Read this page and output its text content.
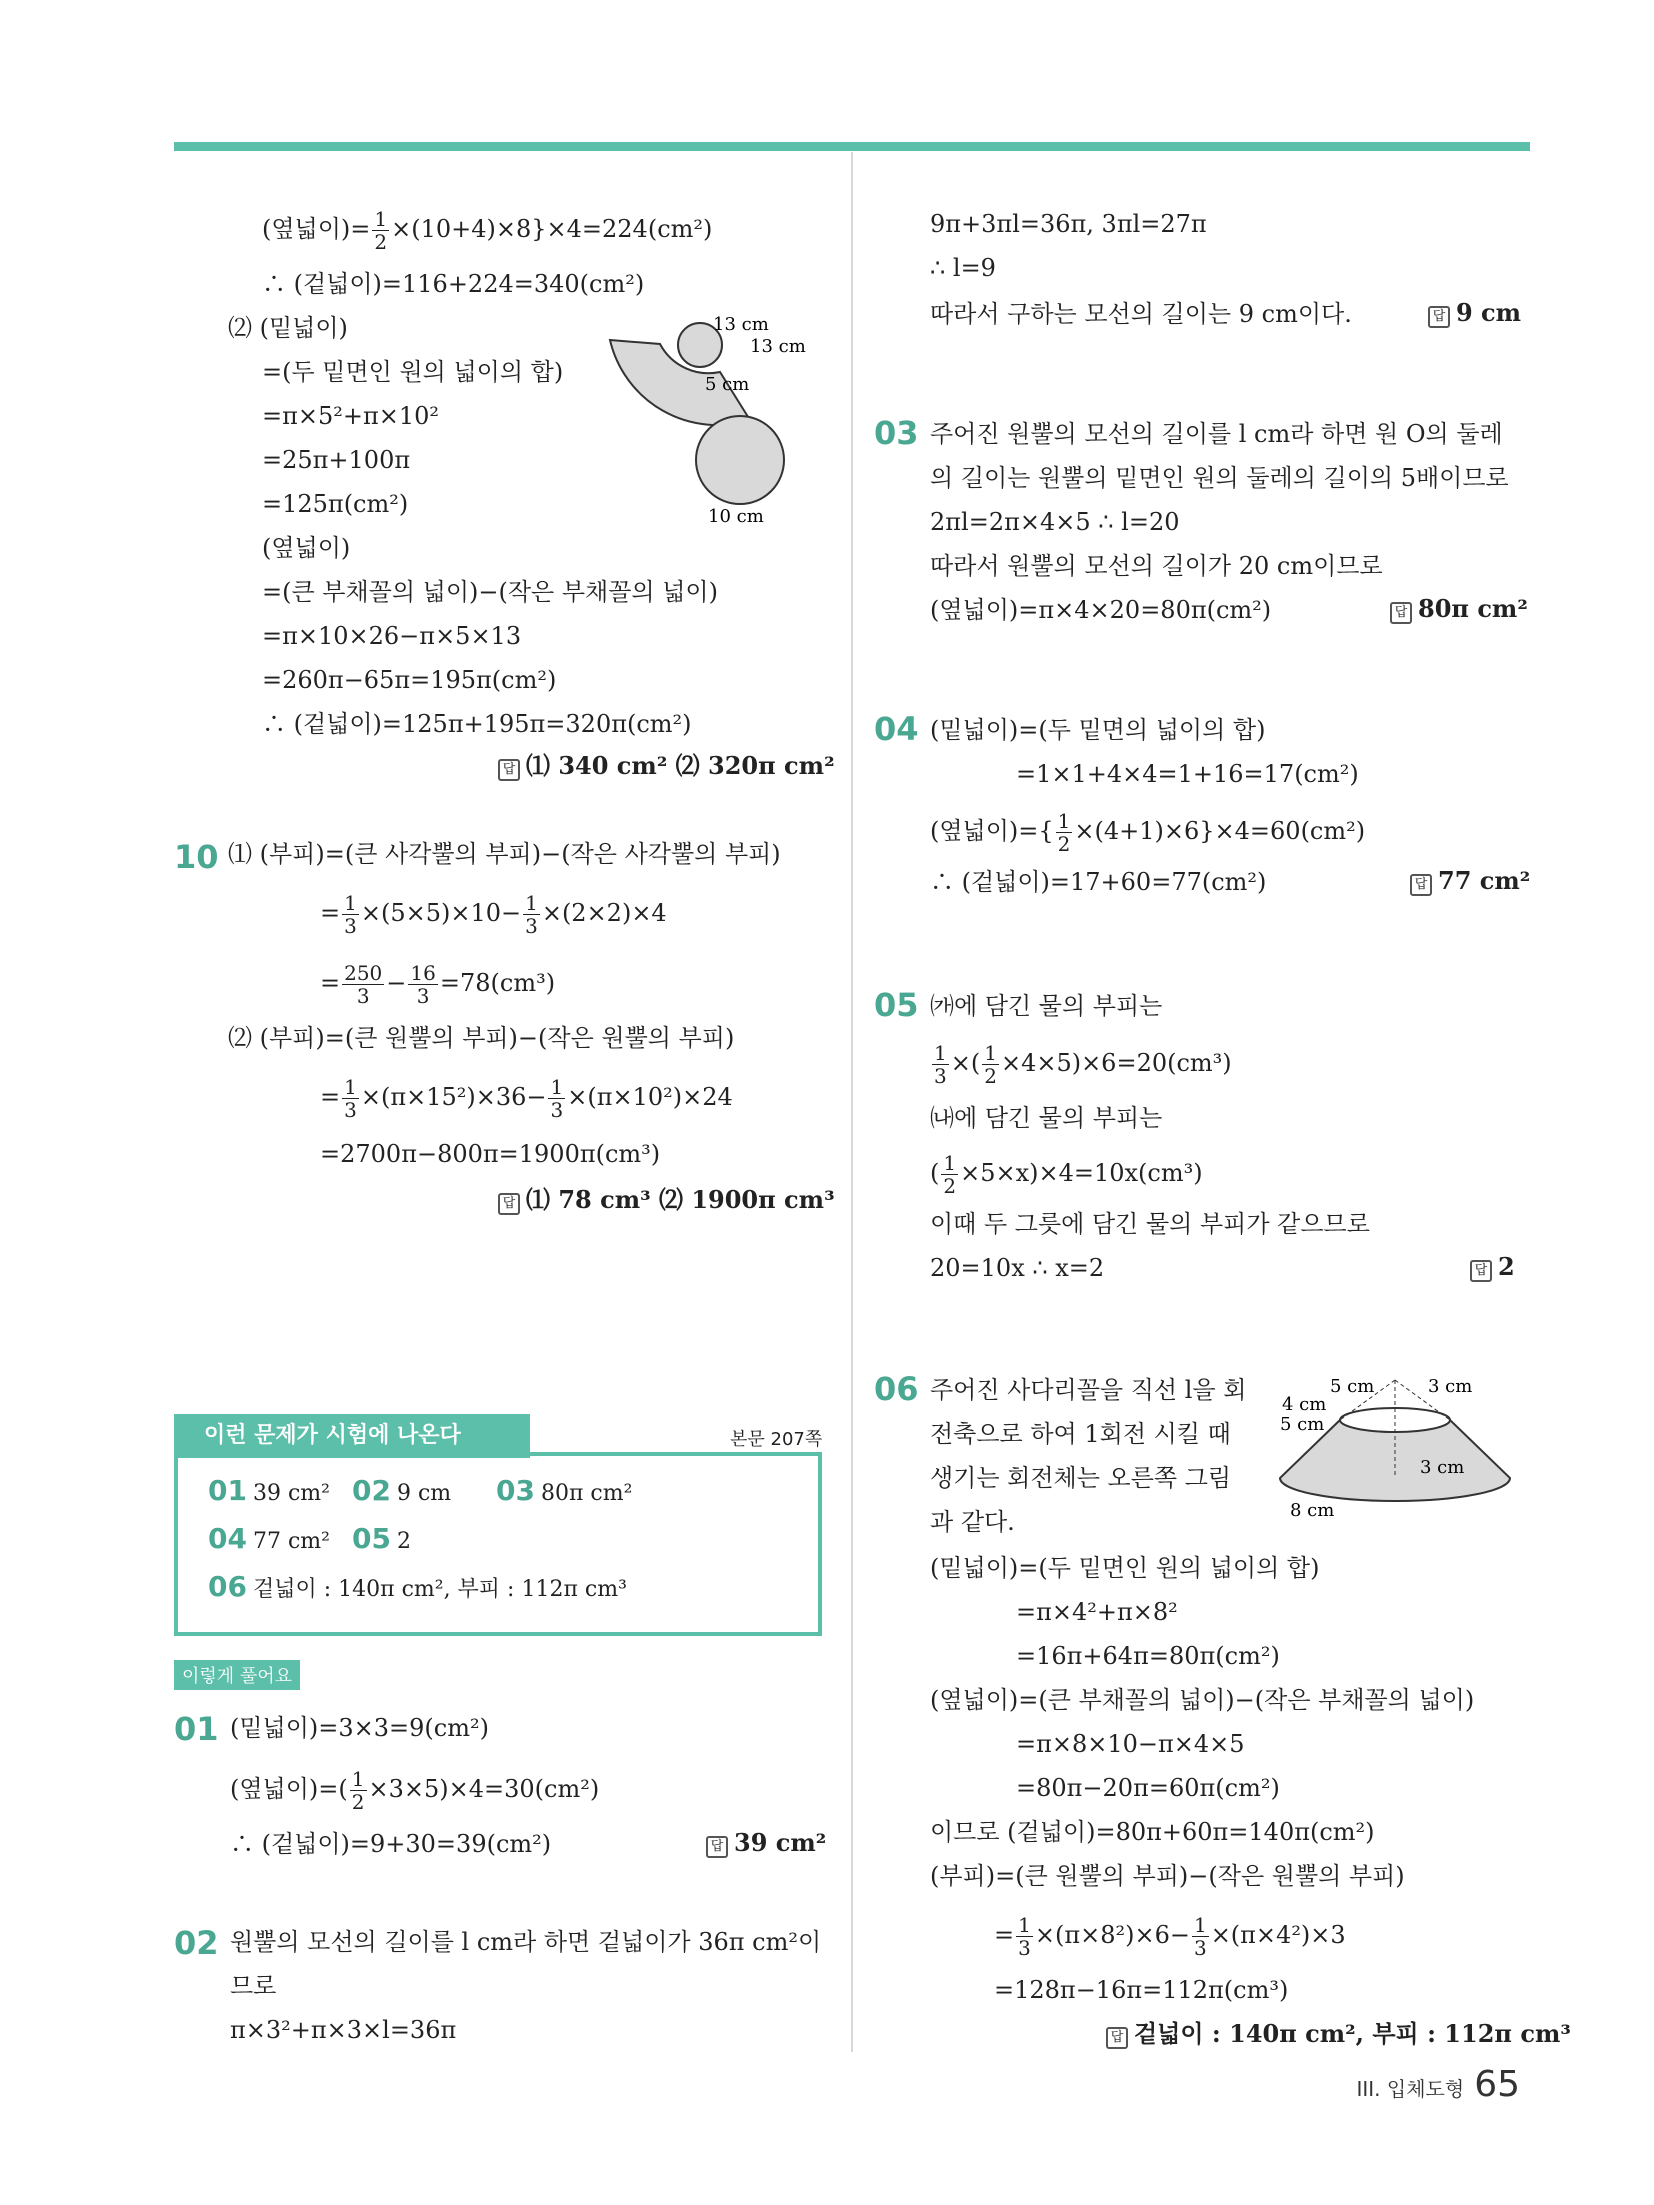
(옆넓이)= $\frac{1}{2} \times(10+4)\times 8\}\times 4=224(cm^2)$
∴ (겉넓이)=116+224=340(cm²)
⑵ (밑넓이)
=(두 밑면인 원의 넓이의 합)
=π×5²+π×10²
=25π+100π
=125π(cm²)
(옆넓이)
=(큰 부채꼴의 넓이)−(작은 부채꼴의 넓이)
=π×10×26−π×5×13
=260π−65π=195π(cm²)
∴ (겉넓이)=125π+195π=320π(cm²)
답 ⑴ 340 cm² ⑵ 320π cm²
13 cm
13 cm
5 cm
10 cm
10 ⑴ (부피)=(큰 사각뿔의 부피)−(작은 사각뿔의 부피)
= $\frac{1}{3} \times(5\times 5)\times 10- \frac{1}{3} \times(2\times 2)\times 4$
= $\frac{250}{3} - \frac{16}{3} =78(cm^3)$
⑵ (부피)=(큰 원뿔의 부피)−(작은 원뿔의 부피)
= $\frac{1}{3} \times(\pi\times 15^2)\times 36- \frac{1}{3} \times(\pi\times 10^2)\times 24$
=2700π−800π=1900π(cm³)
답 ⑴ 78 cm³ ⑵ 1900π cm³
이런 문제가 시험에 나온다	본문 207쪽
01 39 cm² 02 9 cm 03 80π cm²
04 77 cm² 05 2
06 겉넓이 : 140π cm², 부피 : 112π cm³
이렇게 풀어요
01 (밑넓이)=3×3=9(cm²)
(옆넓이)=( $\frac{1}{2} \times 3\times 5)\times 4=30(cm^2)$
∴ (겉넓이)=9+30=39(cm²)	답 39 cm²
02 원뿔의 모선의 길이를 l cm라 하면 겉넓이가 36π cm²이
므로
π×3²+π×3×l=36π
9π+3πl=36π, 3πl=27π
∴ l=9
따라서 구하는 모선의 길이는 9 cm이다.	답 9 cm
03 주어진 원뿔의 모선의 길이를 l cm라 하면 원 O의 둘레
의 길이는 원뿔의 밑면인 원의 둘레의 길이의 5배이므로
2πl=2π×4×5 ∴ l=20
따라서 원뿔의 모선의 길이가 20 cm이므로
(옆넓이)=π×4×20=80π(cm²)	답 80π cm²
04 (밑넓이)=(두 밑면의 넓이의 합)
=1×1+4×4=1+16=17(cm²)
(옆넓이)={ $\frac{1}{2} \times(4+1)\times 6\}\times 4=60(cm^2)$
∴ (겉넓이)=17+60=77(cm²)	답 77 cm²
05 ㈎에 담긴 물의 부피는
$\frac{1}{3}$ ×( $\frac{1}{2} \times 4\times 5)\times 6=20(cm^3)$
㈏에 담긴 물의 부피는
( $\frac{1}{2} \times 5\times x)\times 4=10x(cm^3)$
이때 두 그릇에 담긴 물의 부피가 같으므로
20=10x ∴ x=2	답 2
06 주어진 사다리꼴을 직선 l을 회
전축으로 하여 1회전 시킬 때
생기는 회전체는 오른쪽 그림
과 같다.
5 cm	3 cm
4 cm
5 cm
3 cm
8 cm
(밑넓이)=(두 밑면인 원의 넓이의 합)
=π×4²+π×8²
=16π+64π=80π(cm²)
(옆넓이)=(큰 부채꼴의 넓이)−(작은 부채꼴의 넓이)
=π×8×10−π×4×5
=80π−20π=60π(cm²)
이므로 (겉넓이)=80π+60π=140π(cm²)
(부피)=(큰 원뿔의 부피)−(작은 원뿔의 부피)
= $\frac{1}{3} \times(\pi\times 8^2)\times 6- \frac{1}{3} \times(\pi\times 4^2)\times 3$
=128π−16π=112π(cm³)
답 겉넓이 : 140π cm², 부피 : 112π cm³
III. 입체도형 65
